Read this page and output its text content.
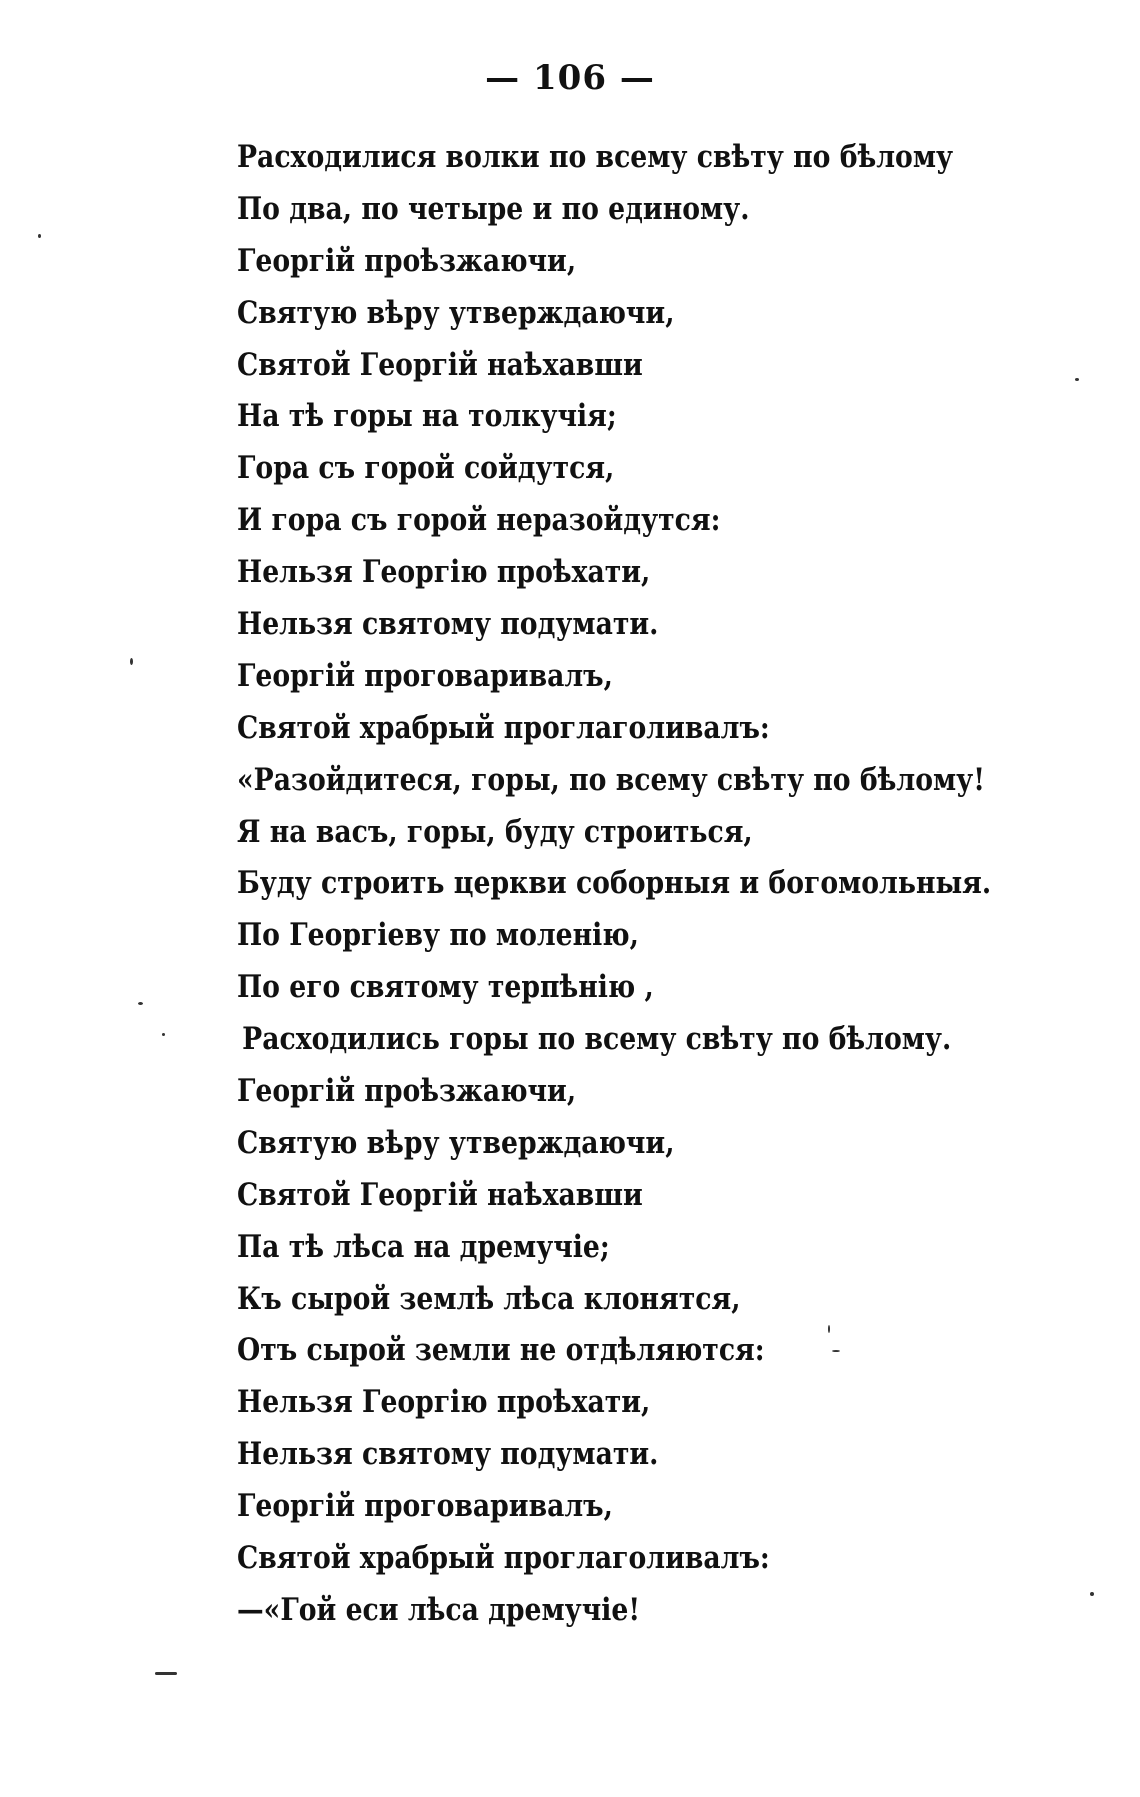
— 106 —
Расходилися волки по всему свѣту по бѣлому
По два, по четыре и по единому.
Георгій проѣзжаючи,
Святую вѣру утверждаючи,
Святой Георгій наѣхавши
На тѣ горы на толкучія;
Гора съ горой сойдутся,
И гора съ горой неразойдутся:
Нельзя Георгію проѣхати,
Нельзя святому подумати.
Георгій проговаривалъ,
Святой храбрый проглаголивалъ:
«Разойдитеся, горы, по всему свѣту по бѣлому!
Я на васъ, горы, буду строиться,
Буду строить церкви соборныя и богомольныя.
По Георгіеву по моленію,
По его святому терпѣнію ,
Расходились горы по всему свѣту по бѣлому.
Георгій проѣзжаючи,
Святую вѣру утверждаючи,
Святой Георгій наѣхавши
Па тѣ лѣса на дремучіе;
Къ сырой землѣ лѣса клонятся,
Отъ сырой земли не отдѣляются:
Нельзя Георгію проѣхати,
Нельзя святому подумати.
Георгій проговаривалъ,
Святой храбрый проглаголивалъ:
—«Гой еси лѣса дремучіе!
